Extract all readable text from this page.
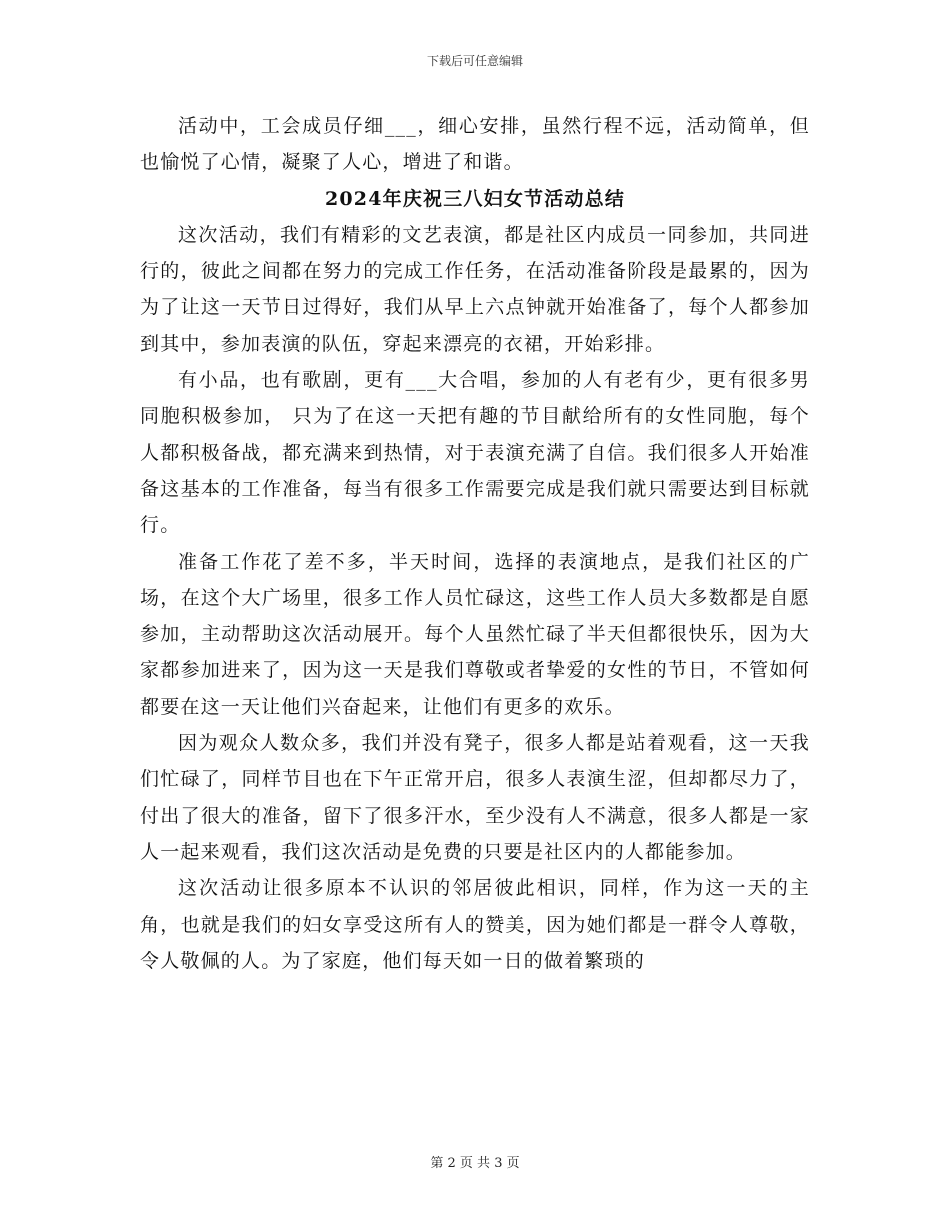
下载后可任意编辑

活动中，工会成员仔细___，细心安排，虽然行程不远，活动简单，但也愉悦了心情，凝聚了人心，增进了和谐。

2024年庆祝三八妇女节活动总结

这次活动，我们有精彩的文艺表演，都是社区内成员一同参加，共同进行的，彼此之间都在努力的完成工作任务，在活动准备阶段是最累的，因为为了让这一天节日过得好，我们从早上六点钟就开始准备了，每个人都参加到其中，参加表演的队伍，穿起来漂亮的衣裙，开始彩排。

有小品，也有歌剧，更有___大合唱，参加的人有老有少，更有很多男同胞积极参加， 只为了在这一天把有趣的节目献给所有的女性同胞，每个人都积极备战，都充满来到热情，对于表演充满了自信。我们很多人开始准备这基本的工作准备，每当有很多工作需要完成是我们就只需要达到目标就行。

准备工作花了差不多，半天时间，选择的表演地点，是我们社区的广场，在这个大广场里，很多工作人员忙碌这，这些工作人员大多数都是自愿参加，主动帮助这次活动展开。每个人虽然忙碌了半天但都很快乐，因为大家都参加进来了，因为这一天是我们尊敬或者挚爱的女性的节日，不管如何都要在这一天让他们兴奋起来，让他们有更多的欢乐。

因为观众人数众多，我们并没有凳子，很多人都是站着观看，这一天我们忙碌了，同样节目也在下午正常开启，很多人表演生涩，但却都尽力了，付出了很大的准备，留下了很多汗水，至少没有人不满意，很多人都是一家人一起来观看，我们这次活动是免费的只要是社区内的人都能参加。

这次活动让很多原本不认识的邻居彼此相识，同样，作为这一天的主角，也就是我们的妇女享受这所有人的赞美，因为她们都是一群令人尊敬，令人敬佩的人。为了家庭，他们每天如一日的做着繁琐的

第 2 页 共 3 页
